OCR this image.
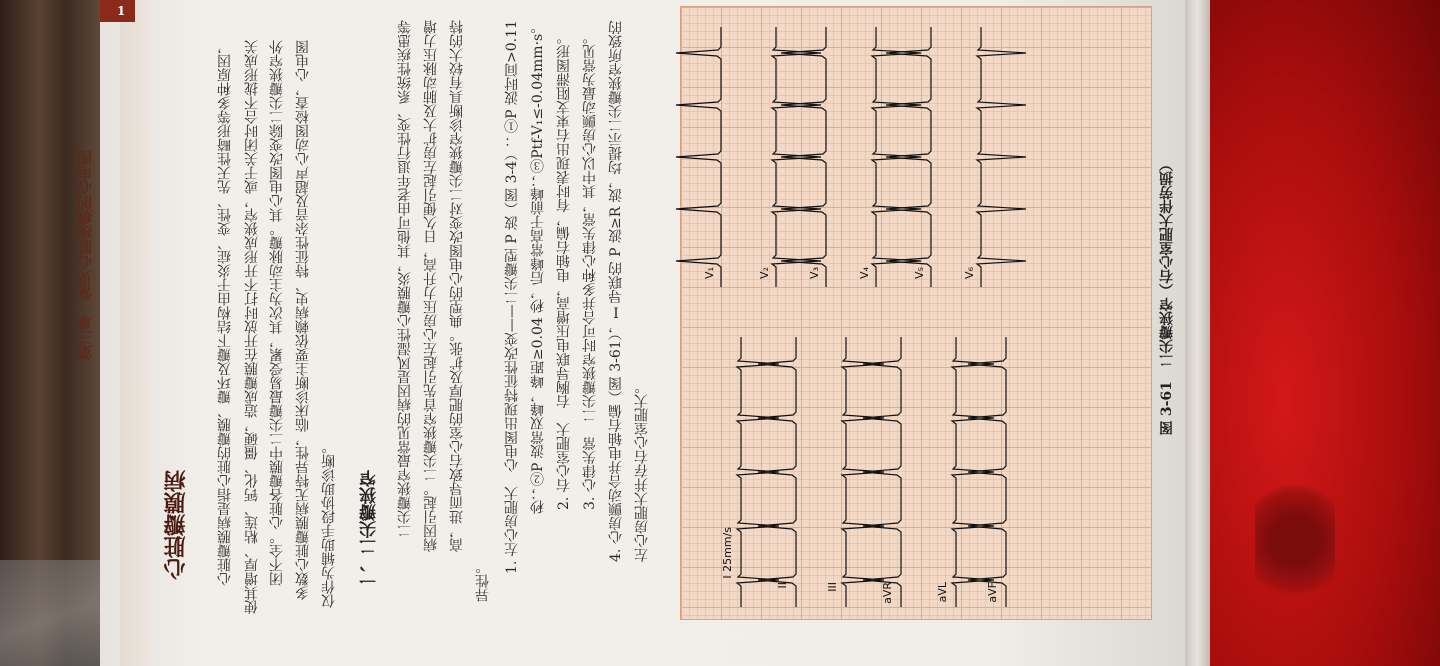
1
第三章　常见心脏疾病的心电图
心脏瓣膜病 心脏瓣膜病是指心脏的瓣膜、瓣环及瓣下结构由于炎症、变性、先天性畸形等多种原因， 使其增厚、粘连、钙化、僵硬，造成瓣膜在开放时打不开形成狭窄，或于关闭时合不拢形成关 闭不全。心脏各瓣膜中二尖瓣最易受累，其次为主动脉瓣。其心电图改变除二尖瓣狭窄外 多数心脏瓣膜病无特异性，临床诊断主要依赖病史、特征性杂音及超声心动图检查，心电图 仅作为辅助手段协助诊断。 一、二尖瓣狭窄 二尖瓣狭窄最常见的病因是风湿性心瓣膜炎，其他可由老年退行性变、系统性疾患等 病因引起。二尖瓣狭窄首先引起左心房压力升高，日久便引起左房扩大及肺动脉压力增 高，进而导致右心室的肥厚及扩张。典型的心电图改变对二尖瓣狭窄诊断具有较大的特
异性。
1. 左心房肥大　心电图出现特征性改变——二尖瓣型 P 波（图 3-4）：①P 波时间>0.11 秒；②P 波常双峰，峰距≥0.04 秒，后峰常高于前峰；③Ptf-V₁≤-0.04mm·s。 2. 右心室肥大　右胸导联电压增高，电轴右偏，有时表现出右束支阻滞图形。 3. 心律失常　二尖瓣狭窄时可合并多种心律失常，其中以心房颤动最为常见。 4. 心房颤动合并电轴右偏（图 3-61），Ⅰ导联的 P 波≥R 波，均提示二尖瓣狭窄所致的 左心房肥大并存右心室肥大。	I 25mm/s
II	III	aVR	aVL	aVF
V₁	V₂	V₃	V₄	V₅	V₆	图 3-61　二尖瓣狭窄（右心室肥大伴劳损）
